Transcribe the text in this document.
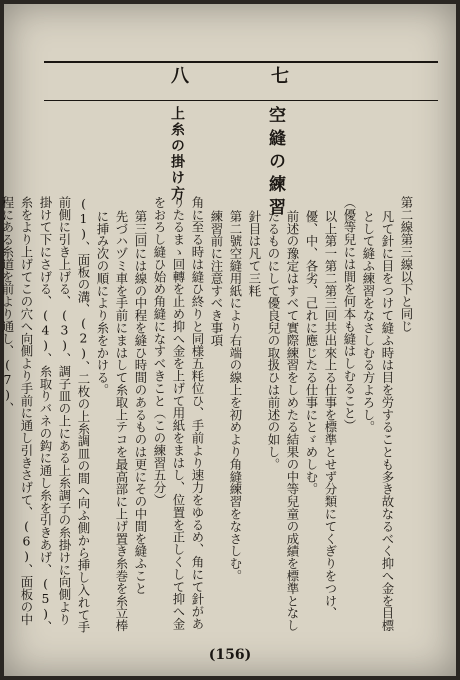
七
八
空縫の練習
上糸の掛け方

第二線第三線以下と同じ

凡て針に目をつけて縫ふ時は目を労することも多き故なるべく抑へ金を目標として縫ふ練習をなさしむる方よろし。

（優等兒には間を何本も縫はしむること）

以上第一第二第三回共出來上る仕事を標準とせず分類にてくぎりをつけ、優、中、各劣、己れに應じたる仕事にとゞめしむ。

前述の豫定はすべて實際練習をしめたる結果の中等兒童の成績を標準となしたるものにして優良兒の取扱ひは前述の如し。

針目は凡て三粍

第二號空縫用紙により右端の線上を初めより角縫練習をなさしむ。

練習前に注意すべき事項

角に至る時は縫ひ終りと同様五粍位ひ、手前より速力をゆるめ、角にて針がありたるまゝ回轉を止め抑へ金を上げて用紙をまはし、位置を正しくして抑へ金をおろし縫ひ始め角縫になすべきこと（この練習五分）

第三回には線の中程を縫ひ時間のあるものは更にその中間を縫ふこと

先づハヅミ車を手前にまはして糸取上テコを最高部に上げ置き糸巻を糸立棒に挿み次の順により糸をかける。

(1)、面板の溝、(2)、二枚の上糸調皿の間へ向ふ側から挿し入れて手前側に引き上げる、(3)、調子皿の上にある上糸調子の糸掛けに向側より掛けて下にさげる、(4)、糸取りバネの鈎に通し糸を引きあげ、(5)、糸をより上げてこの穴へ向側より手前に通し引きさげて、(6)、面板の中程にある糸道を前より通し、(7)、

(156)
